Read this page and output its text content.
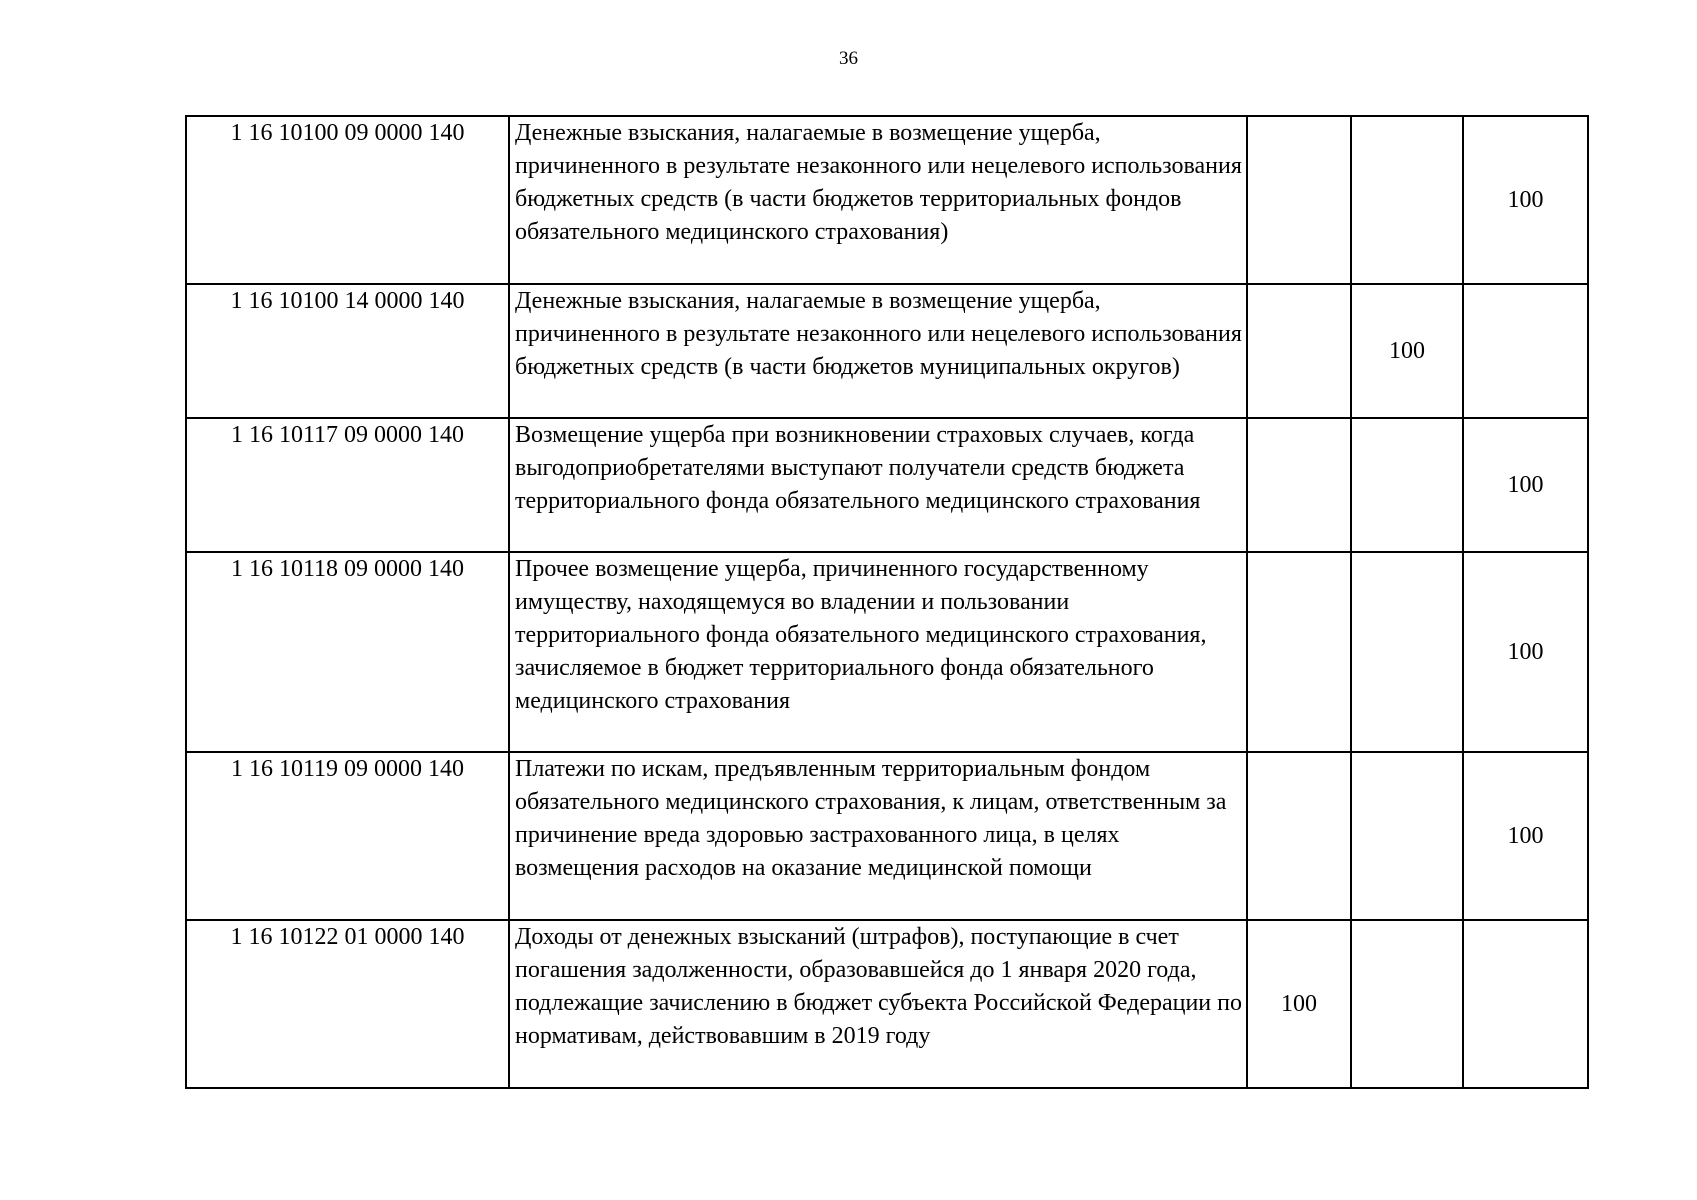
36
1 16 10100 09 0000 140	Денежные взыскания, налагаемые в возмещение ущерба, причиненного в результате незаконного или нецелевого использования бюджетных средств (в части бюджетов территориальных фондов обязательного медицинского страхования)			100
1 16 10100 14 0000 140	Денежные взыскания, налагаемые в возмещение ущерба, причиненного в результате незаконного или нецелевого использования бюджетных средств (в части бюджетов муниципальных округов)		100	
1 16 10117 09 0000 140	Возмещение ущерба при возникновении страховых случаев, когда выгодоприобретателями выступают получатели средств бюджета территориального фонда обязательного медицинского страхования			100
1 16 10118 09 0000 140	Прочее возмещение ущерба, причиненного государственному имуществу, находящемуся во владении и пользовании территориального фонда обязательного медицинского страхования, зачисляемое в бюджет территориального фонда обязательного медицинского страхования			100
1 16 10119 09 0000 140	Платежи по искам, предъявленным территориальным фондом обязательного медицинского страхования, к лицам, ответственным за причинение вреда здоровью застрахованного лица, в целях возмещения расходов на оказание медицинской помощи			100
1 16 10122 01 0000 140	Доходы от денежных взысканий (штрафов), поступающие в счет погашения задолженности, образовавшейся до 1 января 2020 года, подлежащие зачислению в бюджет субъекта Российской Федерации по нормативам, действовавшим в 2019 году	100		
